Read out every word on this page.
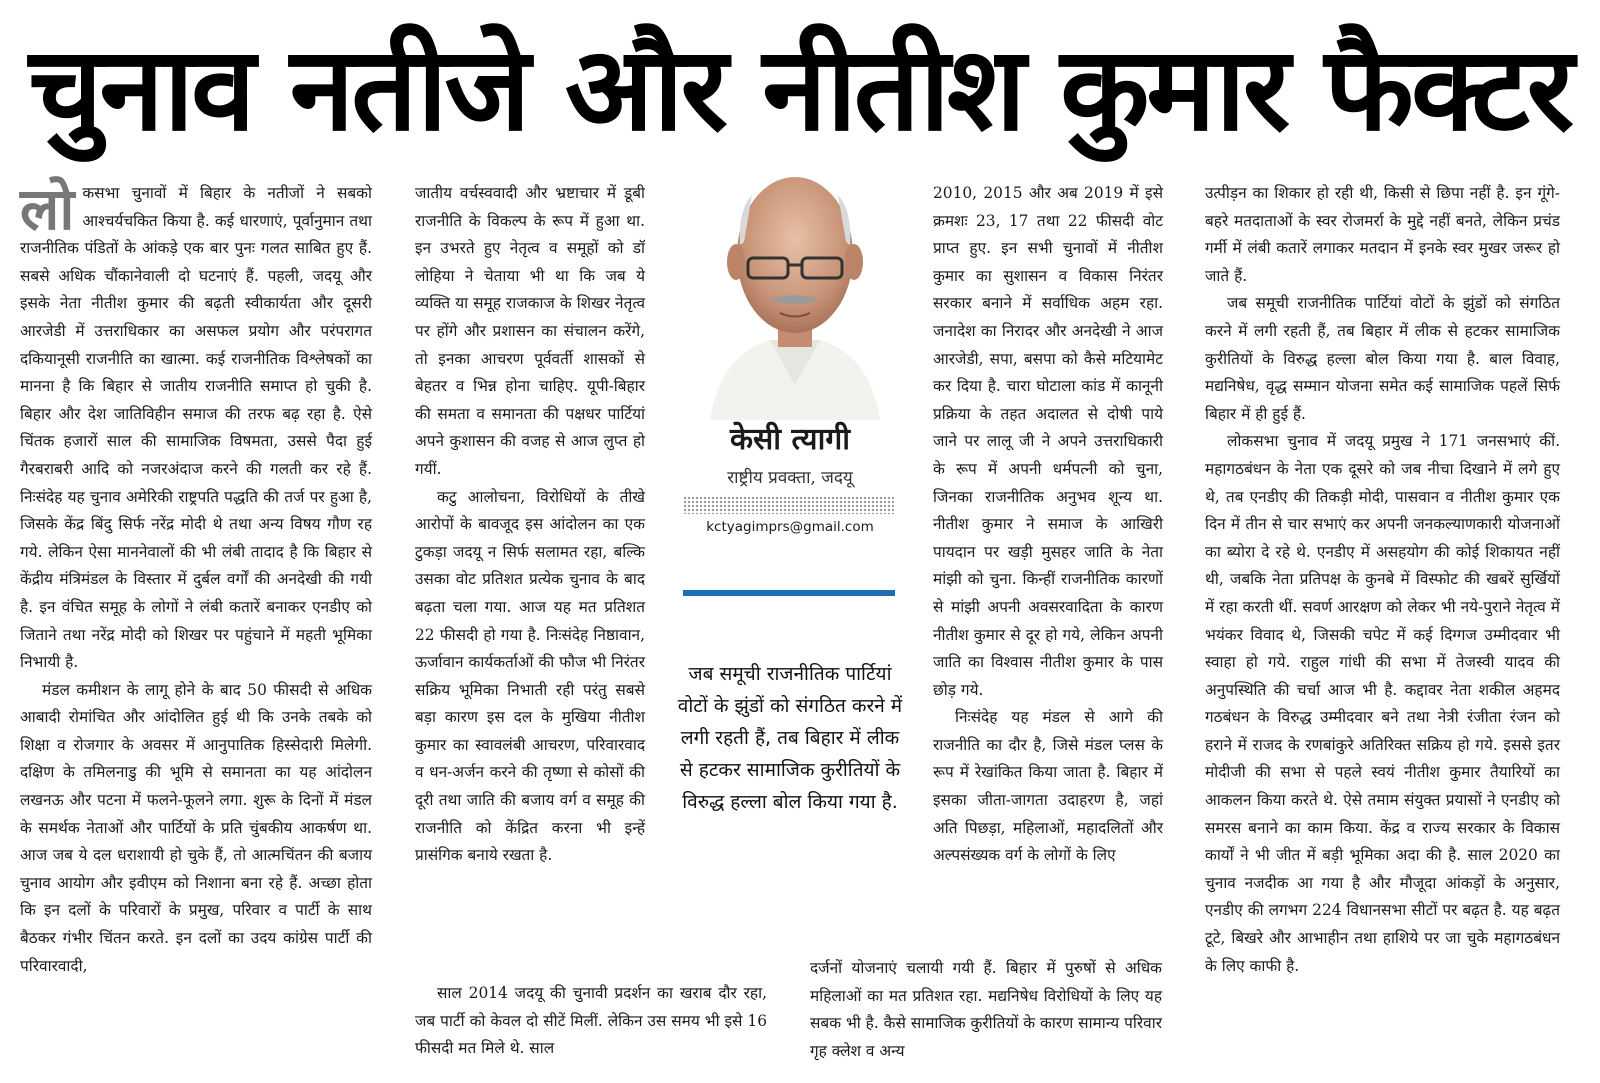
चुनाव नतीजे और नीतीश कुमार फैक्टर

लोकसभा चुनावों में बिहार के नतीजों ने सबको आश्चर्यचकित किया है. कई धारणाएं, पूर्वानुमान तथा राजनीतिक पंडितों के आंकड़े एक बार पुनः गलत साबित हुए हैं. सबसे अधिक चौंकानेवाली दो घटनाएं हैं. पहली, जदयू और इसके नेता नीतीश कुमार की बढ़ती स्वीकार्यता और दूसरी आरजेडी में उत्तराधिकार का असफल प्रयोग और परंपरागत दकियानूसी राजनीति का खात्मा. कई राजनीतिक विश्लेषकों का मानना है कि बिहार से जातीय राजनीति समाप्त हो चुकी है. बिहार और देश जातिविहीन समाज की तरफ बढ़ रहा है. ऐसे चिंतक हजारों साल की सामाजिक विषमता, उससे पैदा हुई गैरबराबरी आदि को नजरअंदाज करने की गलती कर रहे हैं. निःसंदेह यह चुनाव अमेरिकी राष्ट्रपति पद्धति की तर्ज पर हुआ है, जिसके केंद्र बिंदु सिर्फ नरेंद्र मोदी थे तथा अन्य विषय गौण रह गये. लेकिन ऐसा माननेवालों की भी लंबी तादाद है कि बिहार से केंद्रीय मंत्रिमंडल के विस्तार में दुर्बल वर्गों की अनदेखी की गयी है. इन वंचित समूह के लोगों ने लंबी कतारें बनाकर एनडीए को जिताने तथा नरेंद्र मोदी को शिखर पर पहुंचाने में महती भूमिका निभायी है.

मंडल कमीशन के लागू होने के बाद 50 फीसदी से अधिक आबादी रोमांचित और आंदोलित हुई थी कि उनके तबके को शिक्षा व रोजगार के अवसर में आनुपातिक हिस्सेदारी मिलेगी. दक्षिण के तमिलनाडु की भूमि से समानता का यह आंदोलन लखनऊ और पटना में फलने-फूलने लगा. शुरू के दिनों में मंडल के समर्थक नेताओं और पार्टियों के प्रति चुंबकीय आकर्षण था. आज जब ये दल धराशायी हो चुके हैं, तो आत्मचिंतन की बजाय चुनाव आयोग और इवीएम को निशाना बना रहे हैं. अच्छा होता कि इन दलों के परिवारों के प्रमुख, परिवार व पार्टी के साथ बैठकर गंभीर चिंतन करते. इन दलों का उदय कांग्रेस पार्टी की परिवारवादी,

जातीय वर्चस्ववादी और भ्रष्टाचार में डूबी राजनीति के विकल्प के रूप में हुआ था. इन उभरते हुए नेतृत्व व समूहों को डॉ लोहिया ने चेताया भी था कि जब ये व्यक्ति या समूह राजकाज के शिखर नेतृत्व पर होंगे और प्रशासन का संचालन करेंगे, तो इनका आचरण पूर्ववर्ती शासकों से बेहतर व भिन्न होना चाहिए. यूपी-बिहार की समता व समानता की पक्षधर पार्टियां अपने कुशासन की वजह से आज लुप्त हो गयीं.

कटु आलोचना, विरोधियों के तीखे आरोपों के बावजूद इस आंदोलन का एक टुकड़ा जदयू न सिर्फ सलामत रहा, बल्कि उसका वोट प्रतिशत प्रत्येक चुनाव के बाद बढ़ता चला गया. आज यह मत प्रतिशत 22 फीसदी हो गया है. निःसंदेह निष्ठावान, ऊर्जावान कार्यकर्ताओं की फौज भी निरंतर सक्रिय भूमिका निभाती रही परंतु सबसे बड़ा कारण इस दल के मुखिया नीतीश कुमार का स्वावलंबी आचरण, परिवारवाद व धन-अर्जन करने की तृष्णा से कोसों की दूरी तथा जाति की बजाय वर्ग व समूह की राजनीति को केंद्रित करना भी इन्हें प्रासंगिक बनाये रखता है.

साल 2014 जदयू की चुनावी प्रदर्शन का खराब दौर रहा, जब पार्टी को केवल दो सीटें मिलीं. लेकिन उस समय भी इसे 16 फीसदी मत मिले थे. साल

केसी त्यागी
राष्ट्रीय प्रवक्ता, जदयू
kctyagimprs@gmail.com
जब समूची राजनीतिक पार्टियां वोटों के झुंडों को संगठित करने में लगी रहती हैं, तब बिहार में लीक से हटकर सामाजिक कुरीतियों के विरुद्ध हल्ला बोल किया गया है.

2010, 2015 और अब 2019 में इसे क्रमशः 23, 17 तथा 22 फीसदी वोट प्राप्त हुए. इन सभी चुनावों में नीतीश कुमार का सुशासन व विकास निरंतर सरकार बनाने में सर्वाधिक अहम रहा. जनादेश का निरादर और अनदेखी ने आज आरजेडी, सपा, बसपा को कैसे मटियामेट कर दिया है. चारा घोटाला कांड में कानूनी प्रक्रिया के तहत अदालत से दोषी पाये जाने पर लालू जी ने अपने उत्तराधिकारी के रूप में अपनी धर्मपत्नी को चुना, जिनका राजनीतिक अनुभव शून्य था. नीतीश कुमार ने समाज के आखिरी पायदान पर खड़ी मुसहर जाति के नेता मांझी को चुना. किन्हीं राजनीतिक कारणों से मांझी अपनी अवसरवादिता के कारण नीतीश कुमार से दूर हो गये, लेकिन अपनी जाति का विश्वास नीतीश कुमार के पास छोड़ गये.

निःसंदेह यह मंडल से आगे की राजनीति का दौर है, जिसे मंडल प्लस के रूप में रेखांकित किया जाता है. बिहार में इसका जीता-जागता उदाहरण है, जहां अति पिछड़ा, महिलाओं, महादलितों और अल्पसंख्यक वर्ग के लोगों के लिए

दर्जनों योजनाएं चलायी गयी हैं. बिहार में पुरुषों से अधिक महिलाओं का मत प्रतिशत रहा. मद्यनिषेध विरोधियों के लिए यह सबक भी है. कैसे सामाजिक कुरीतियों के कारण सामान्य परिवार गृह क्लेश व अन्य

उत्पीड़न का शिकार हो रही थी, किसी से छिपा नहीं है. इन गूंगे-बहरे मतदाताओं के स्वर रोजमर्रा के मुद्दे नहीं बनते, लेकिन प्रचंड गर्मी में लंबी कतारें लगाकर मतदान में इनके स्वर मुखर जरूर हो जाते हैं.

जब समूची राजनीतिक पार्टियां वोटों के झुंडों को संगठित करने में लगी रहती हैं, तब बिहार में लीक से हटकर सामाजिक कुरीतियों के विरुद्ध हल्ला बोल किया गया है. बाल विवाह, मद्यनिषेध, वृद्ध सम्मान योजना समेत कई सामाजिक पहलें सिर्फ बिहार में ही हुई हैं.

लोकसभा चुनाव में जदयू प्रमुख ने 171 जनसभाएं कीं. महागठबंधन के नेता एक दूसरे को जब नीचा दिखाने में लगे हुए थे, तब एनडीए की तिकड़ी मोदी, पासवान व नीतीश कुमार एक दिन में तीन से चार सभाएं कर अपनी जनकल्याणकारी योजनाओं का ब्योरा दे रहे थे. एनडीए में असहयोग की कोई शिकायत नहीं थी, जबकि नेता प्रतिपक्ष के कुनबे में विस्फोट की खबरें सुर्खियों में रहा करती थीं. सवर्ण आरक्षण को लेकर भी नये-पुराने नेतृत्व में भयंकर विवाद थे, जिसकी चपेट में कई दिग्गज उम्मीदवार भी स्वाहा हो गये. राहुल गांधी की सभा में तेजस्वी यादव की अनुपस्थिति की चर्चा आज भी है. कद्दावर नेता शकील अहमद गठबंधन के विरुद्ध उम्मीदवार बने तथा नेत्री रंजीता रंजन को हराने में राजद के रणबांकुरे अतिरिक्त सक्रिय हो गये. इससे इतर मोदीजी की सभा से पहले स्वयं नीतीश कुमार तैयारियों का आकलन किया करते थे. ऐसे तमाम संयुक्त प्रयासों ने एनडीए को समरस बनाने का काम किया. केंद्र व राज्य सरकार के विकास कार्यों ने भी जीत में बड़ी भूमिका अदा की है. साल 2020 का चुनाव नजदीक आ गया है और मौजूदा आंकड़ों के अनुसार, एनडीए की लगभग 224 विधानसभा सीटों पर बढ़त है. यह बढ़त टूटे, बिखरे और आभाहीन तथा हाशिये पर जा चुके महागठबंधन के लिए काफी है.
